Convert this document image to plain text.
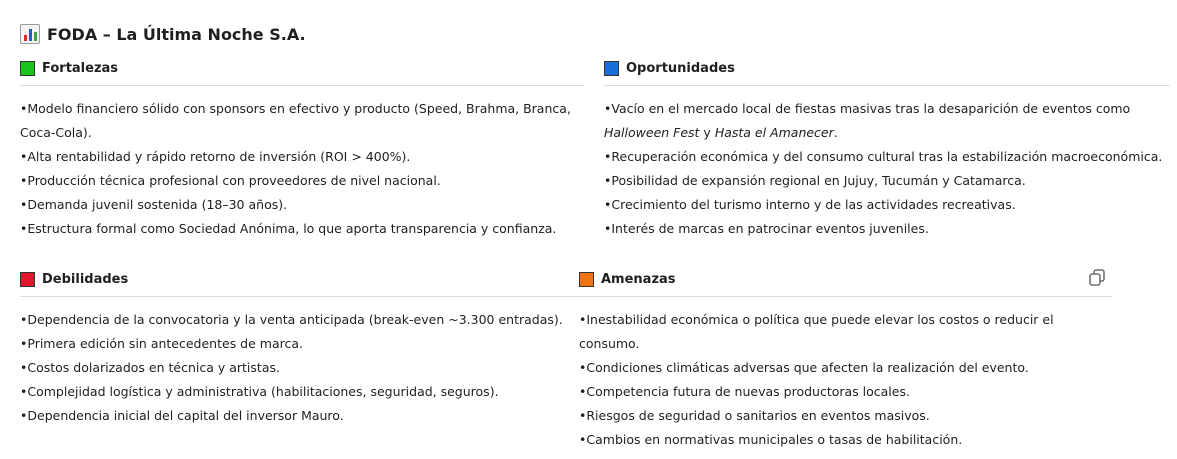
FODA – La Última Noche S.A.
Fortalezas
• Modelo financiero sólido con sponsors en efectivo y producto (Speed, Brahma, Branca, Coca-Cola).
• Alta rentabilidad y rápido retorno de inversión (ROI > 400%).
• Producción técnica profesional con proveedores de nivel nacional.
• Demanda juvenil sostenida (18–30 años).
• Estructura formal como Sociedad Anónima, lo que aporta transparencia y confianza.
Oportunidades
• Vacío en el mercado local de fiestas masivas tras la desaparición de eventos como Halloween Fest y Hasta el Amanecer.
• Recuperación económica y del consumo cultural tras la estabilización macroeconómica.
• Posibilidad de expansión regional en Jujuy, Tucumán y Catamarca.
• Crecimiento del turismo interno y de las actividades recreativas.
• Interés de marcas en patrocinar eventos juveniles.
Debilidades
• Dependencia de la convocatoria y la venta anticipada (break-even ~3.300 entradas).
• Primera edición sin antecedentes de marca.
• Costos dolarizados en técnica y artistas.
• Complejidad logística y administrativa (habilitaciones, seguridad, seguros).
• Dependencia inicial del capital del inversor Mauro.
Amenazas
• Inestabilidad económica o política que puede elevar los costos o reducir el consumo.
• Condiciones climáticas adversas que afecten la realización del evento.
• Competencia futura de nuevas productoras locales.
• Riesgos de seguridad o sanitarios en eventos masivos.
• Cambios en normativas municipales o tasas de habilitación.
